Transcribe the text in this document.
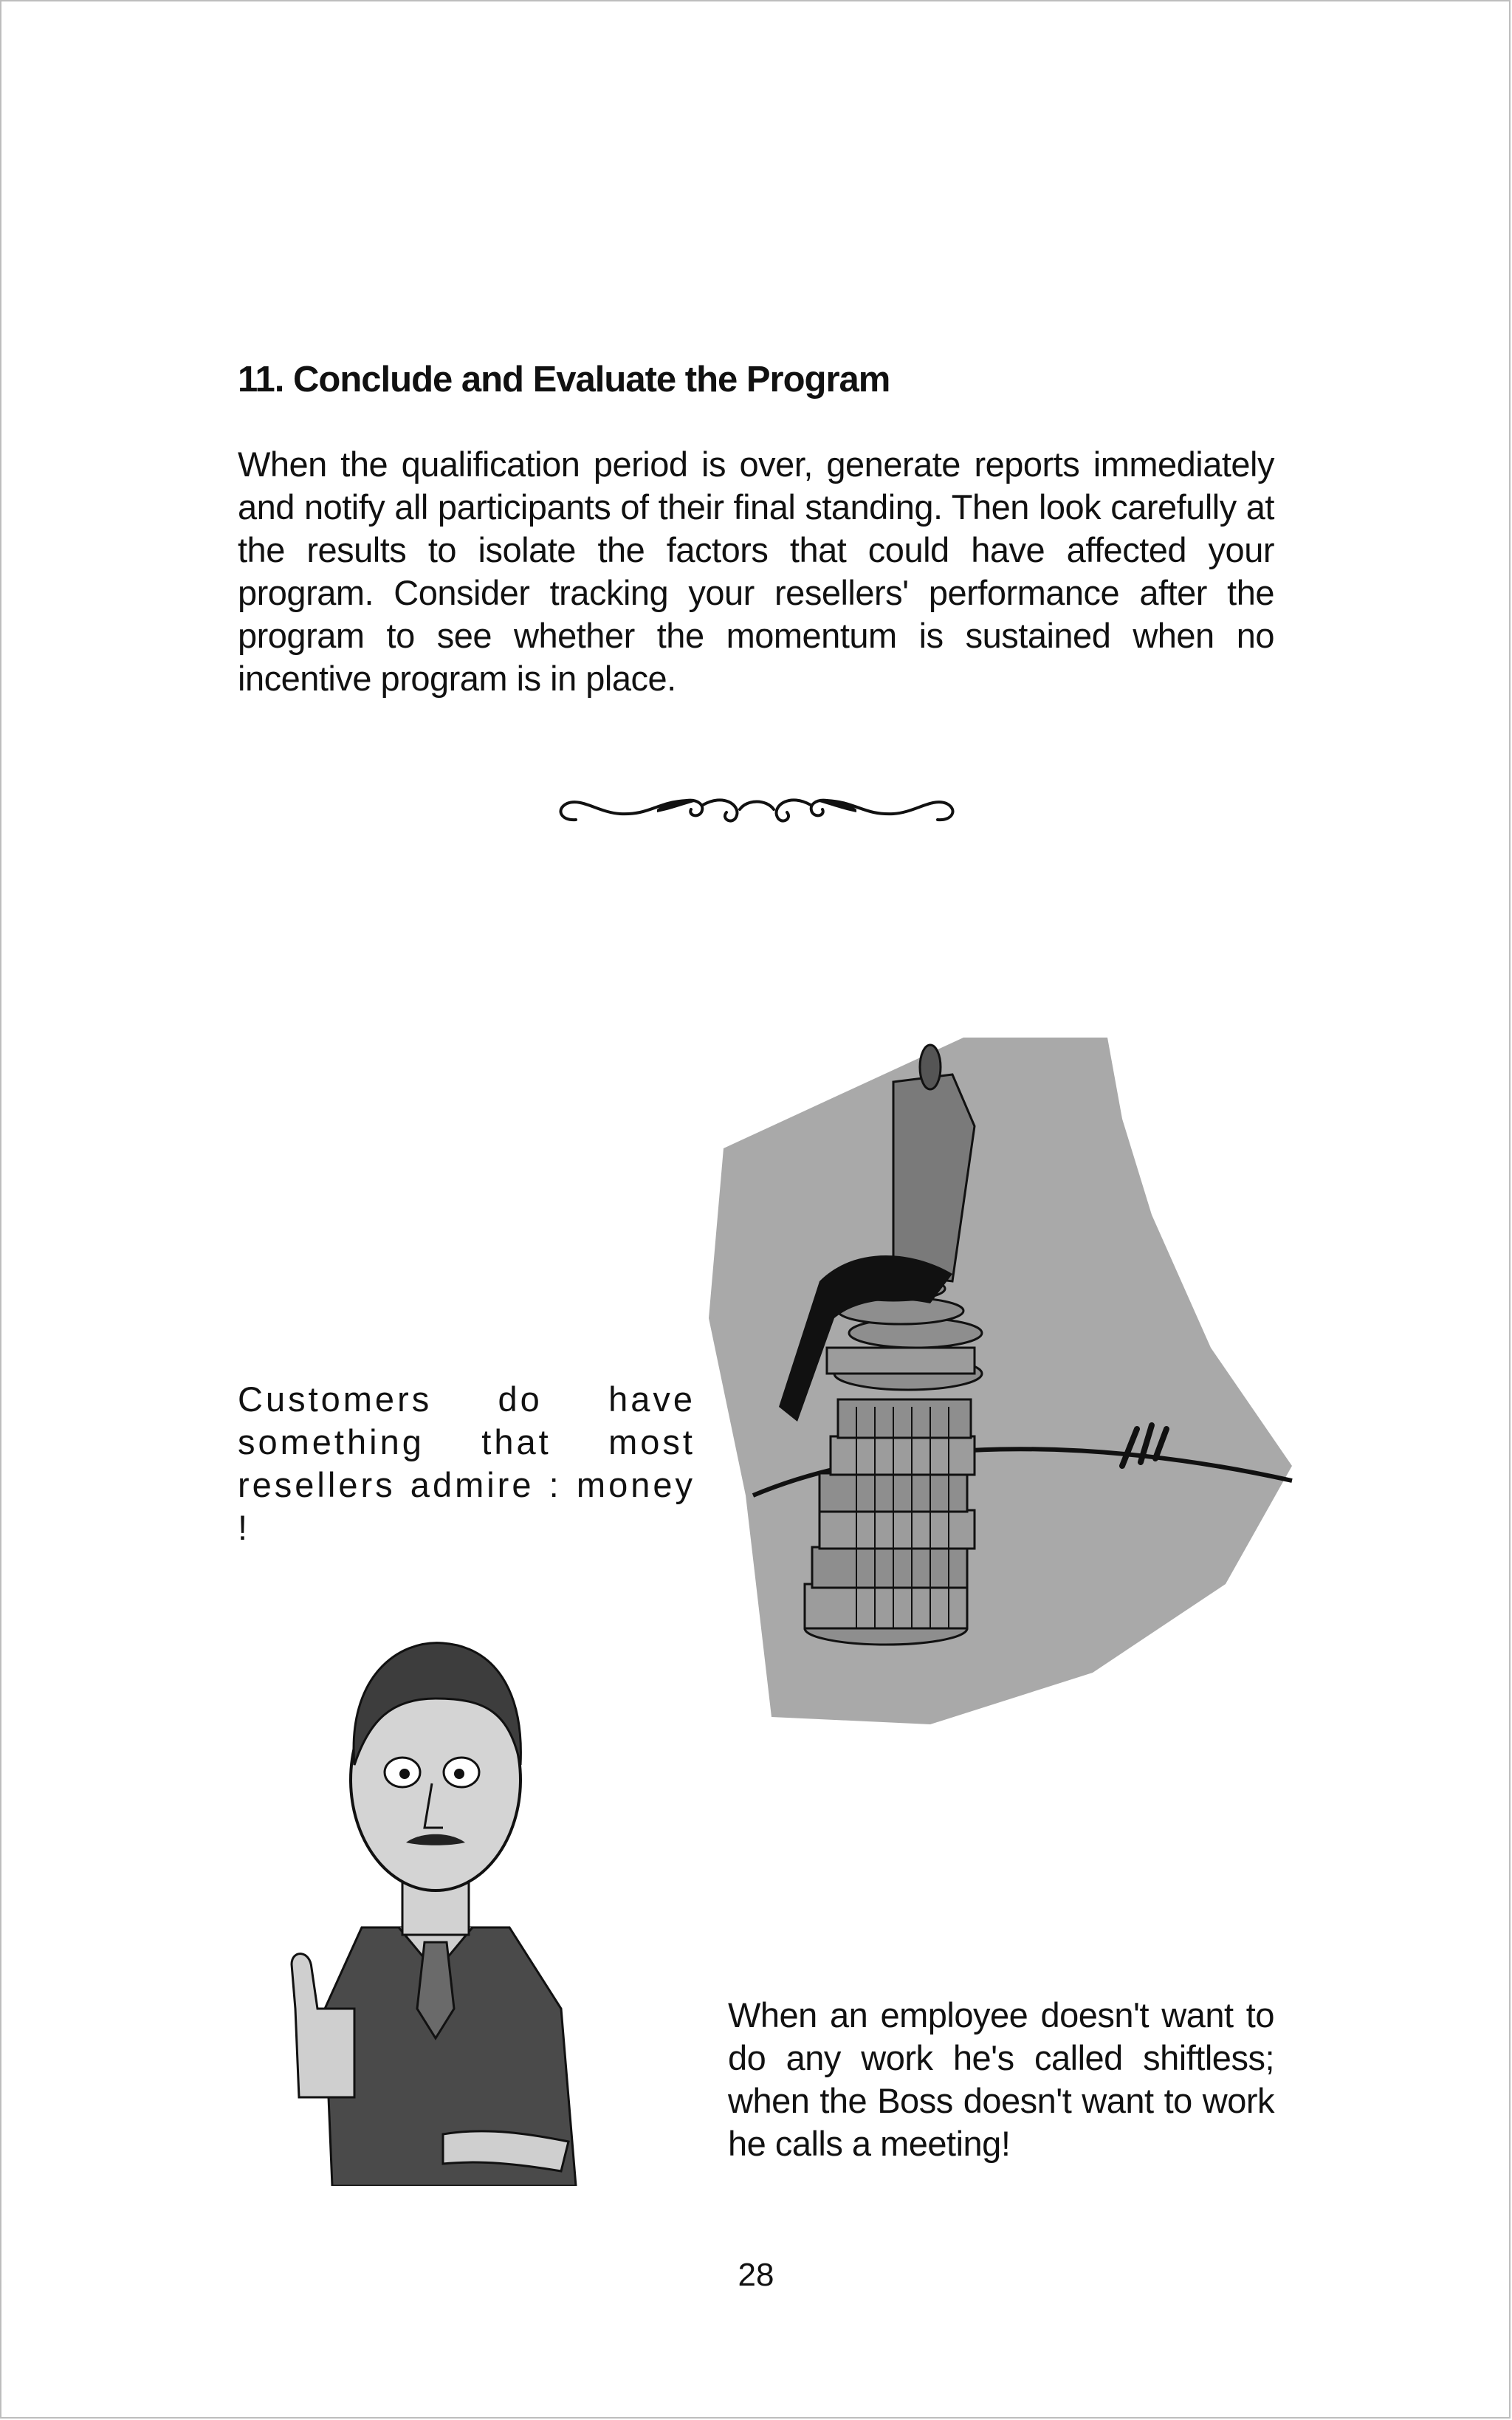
11. Conclude and Evaluate the Program
When the qualification period is over, generate reports immediately and notify all participants of their final standing. Then look carefully at the results to isolate the factors that could have affected your program. Consider tracking your resellers' performance after the program to see whether the momentum is sustained when no incentive program is in place.
Customers do have something that most resellers admire : money !
When an employee doesn't want to do any work he's called shiftless; when the Boss doesn't want to work he calls a meeting!
28
